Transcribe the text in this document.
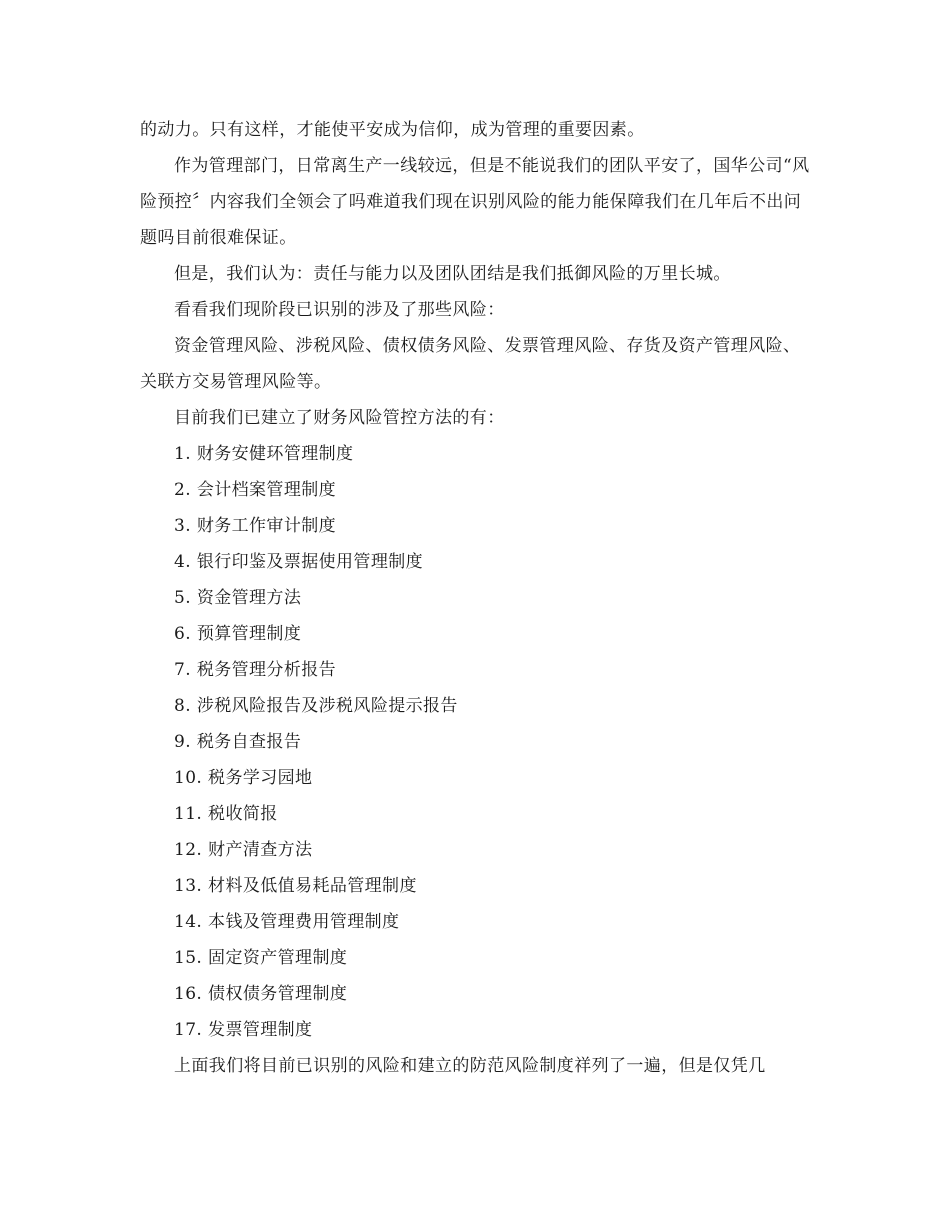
的动力。只有这样，才能使平安成为信仰，成为管理的重要因素。

作为管理部门，日常离生产一线较远，但是不能说我们的团队平安了，国华公司“风险预控〞内容我们全领会了吗难道我们现在识别风险的能力能保障我们在几年后不出问题吗目前很难保证。

但是，我们认为：责任与能力以及团队团结是我们抵御风险的万里长城。

看看我们现阶段已识别的涉及了那些风险：

资金管理风险、涉税风险、债权债务风险、发票管理风险、存货及资产管理风险、关联方交易管理风险等。

目前我们已建立了财务风险管控方法的有：

1. 财务安健环管理制度
2. 会计档案管理制度
3. 财务工作审计制度
4. 银行印鉴及票据使用管理制度
5. 资金管理方法
6. 预算管理制度
7. 税务管理分析报告
8. 涉税风险报告及涉税风险提示报告
9. 税务自查报告
10. 税务学习园地
11. 税收简报
12. 财产清查方法
13. 材料及低值易耗品管理制度
14. 本钱及管理费用管理制度
15. 固定资产管理制度
16. 债权债务管理制度
17. 发票管理制度

上面我们将目前已识别的风险和建立的防范风险制度祥列了一遍，但是仅凭几
